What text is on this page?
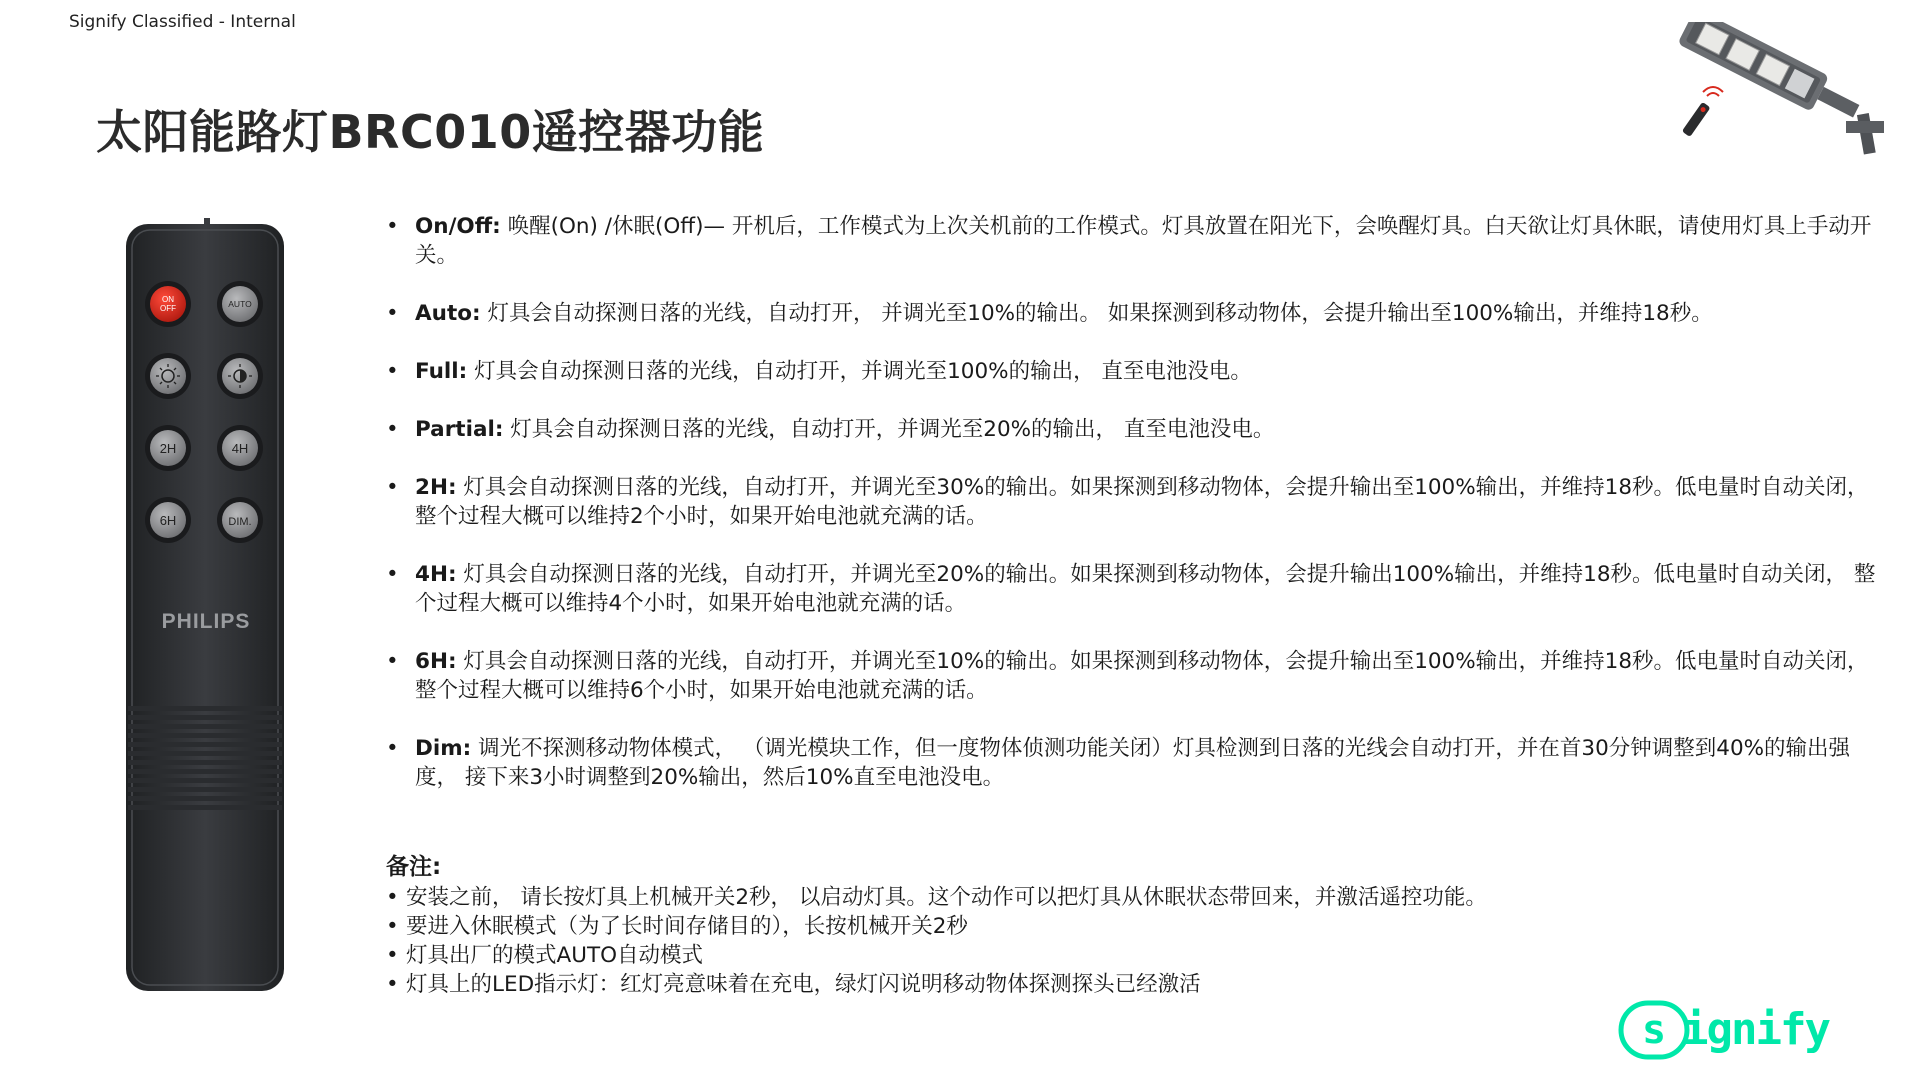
Signify Classified - Internal
太阳能路灯BRC010遥控器功能
ON
OFF	AUTO
2H	4H
6H	DIM.
PHILIPS
• On/Off: 唤醒(On) /休眠(Off)— 开机后，工作模式为上次关机前的工作模式。灯具放置在阳光下，会唤醒灯具。白天欲让灯具休眠，请使用灯具上手动开关。
• Auto: 灯具会自动探测日落的光线，自动打开， 并调光至10%的输出。 如果探测到移动物体，会提升输出至100%输出，并维持18秒。
• Full: 灯具会自动探测日落的光线，自动打开，并调光至100%的输出， 直至电池没电。
• Partial: 灯具会自动探测日落的光线，自动打开，并调光至20%的输出， 直至电池没电。
• 2H: 灯具会自动探测日落的光线，自动打开，并调光至30%的输出。如果探测到移动物体，会提升输出至100%输出，并维持18秒。低电量时自动关闭， 整个过程大概可以维持2个小时，如果开始电池就充满的话。
• 4H: 灯具会自动探测日落的光线，自动打开，并调光至20%的输出。如果探测到移动物体，会提升输出100%输出，并维持18秒。低电量时自动关闭， 整个过程大概可以维持4个小时，如果开始电池就充满的话。
• 6H: 灯具会自动探测日落的光线，自动打开，并调光至10%的输出。如果探测到移动物体，会提升输出至100%输出，并维持18秒。低电量时自动关闭， 整个过程大概可以维持6个小时，如果开始电池就充满的话。
• Dim: 调光不探测移动物体模式， （调光模块工作，但一度物体侦测功能关闭）灯具检测到日落的光线会自动打开，并在首30分钟调整到40%的输出强度， 接下来3小时调整到20%输出，然后10%直至电池没电。

备注:

• 安装之前， 请长按灯具上机械开关2秒， 以启动灯具。这个动作可以把灯具从休眠状态带回来，并激活遥控功能。
• 要进入休眠模式（为了长时间存储目的），长按机械开关2秒
• 灯具出厂的模式AUTO自动模式
• 灯具上的LED指示灯：红灯亮意味着在充电，绿灯闪说明移动物体探测探头已经激活
s ignify
